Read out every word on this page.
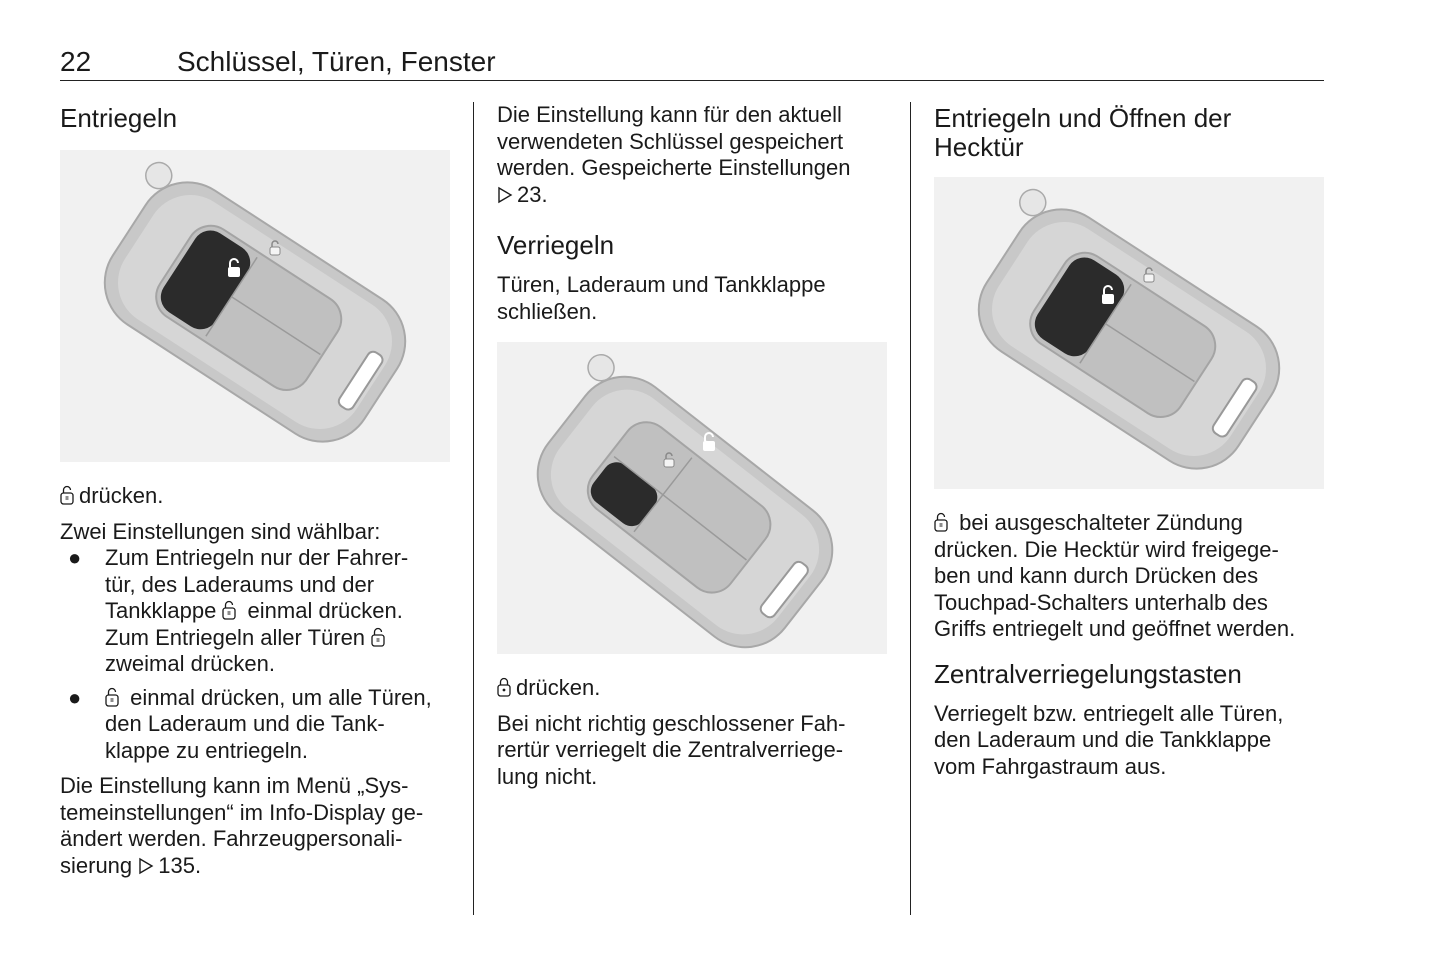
22	Schlüssel, Türen, Fenster
Entriegeln

drücken.

Zwei Einstellungen sind wählbar:

● Zum Entriegeln nur der Fahrer-
tür, des Laderaums und der
Tankklappe
einmal drücken.
Zum Entriegeln aller Türen

zweimal drücken.
● einmal drücken, um alle Türen,
den Laderaum und die Tank-
klappe zu entriegeln.

Die Einstellung kann im Menü „Sys-
temeinstellungen“ im Info-Display ge-
ändert werden. Fahrzeugpersonali-
sierung
135.

Die Einstellung kann für den aktuell
verwendeten Schlüssel gespeichert
werden. Gespeicherte Einstellungen

23.

Verriegeln

Türen, Laderaum und Tankklappe
schließen.

drücken.

Bei nicht richtig geschlossener Fah-
rertür verriegelt die Zentralverriege-
lung nicht.

Entriegeln und Öffnen der
Hecktür

bei ausgeschalteter Zündung
drücken. Die Hecktür wird freigege-
ben und kann durch Drücken des
Touchpad-Schalters unterhalb des
Griffs entriegelt und geöffnet werden.

Zentralverriegelungstasten

Verriegelt bzw. entriegelt alle Türen,
den Laderaum und die Tankklappe
vom Fahrgastraum aus.
